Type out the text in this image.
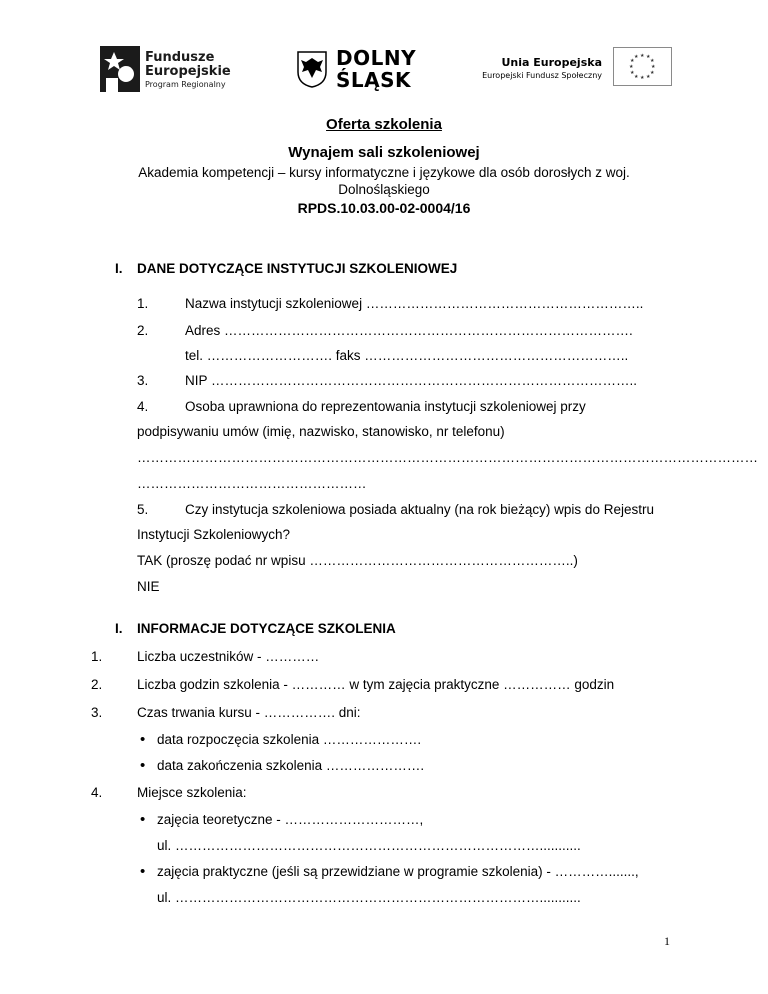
Fundusze
Europejskie
Program Regionalny
DOLNY
ŚLĄSK
Unia Europejska
Europejski Fundusz Społeczny
★ ★
★
★
★
★
★
★
★
★
★
★
Oferta szkolenia
Wynajem sali szkoleniowej
Akademia kompetencji – kursy informatyczne i językowe dla osób dorosłych z woj.
Dolnośląskiego
RPDS.10.03.00-02-0004/16
I. DANE DOTYCZĄCE INSTYTUCJI SZKOLENIOWEJ
1.	Nazwa instytucji szkoleniowej ……………………………………………………..
2.	Adres ……………………………………………………………………………….
tel. ………………………. faks …………………………………………………..
3.	NIP …………………………………………………………………………………..
4.	Osoba uprawniona do reprezentowania instytucji szkoleniowej przy
podpisywaniu umów (imię, nazwisko, stanowisko, nr telefonu)
…………………………………………………………………………………………………………………………
……………………………………………
5.	Czy instytucja szkoleniowa posiada aktualny (na rok bieżący) wpis do Rejestru
Instytucji Szkoleniowych?
TAK (proszę podać nr wpisu …………………………………………………..)
NIE
I. INFORMACJE DOTYCZĄCE SZKOLENIA
1.	Liczba uczestników - …………
2.	Liczba godzin szkolenia - ………… w tym zajęcia praktyczne …………… godzin
3.	Czas trwania kursu - ……………. dni:
• data rozpoczęcia szkolenia ………………….
• data zakończenia szkolenia ………………….
4.	Miejsce szkolenia:
• zajęcia teoretyczne - …………………………,
ul. ………………………………………………………………………...........
• zajęcia praktyczne (jeśli są przewidziane w programie szkolenia) - ………….......,
ul. ………………………………………………………………………...........
1
